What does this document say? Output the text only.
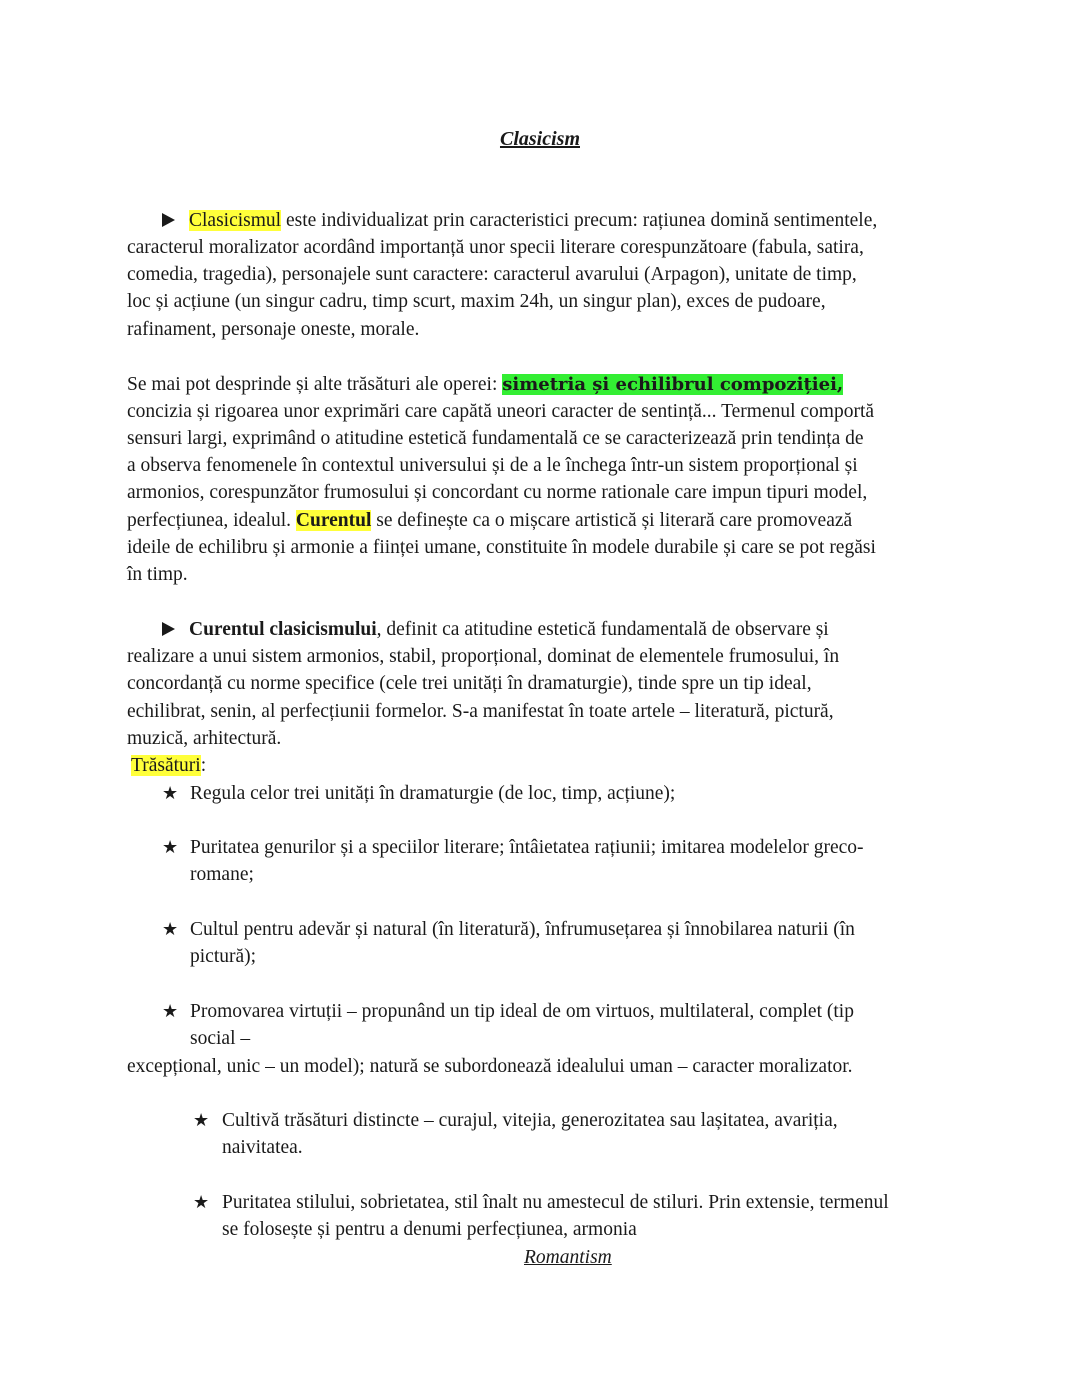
Clasicism
Clasicismul este individualizat prin caracteristici precum: rațiunea domină sentimentele,
caracterul moralizator acordând importanță unor specii literare corespunzătoare (fabula, satira,
comedia, tragedia), personajele sunt caractere: caracterul avarului (Arpagon), unitate de timp,
loc și acțiune (un singur cadru, timp scurt, maxim 24h, un singur plan), exces de pudoare,
rafinament, personaje oneste, morale.
Se mai pot desprinde și alte trăsături ale operei: simetria și echilibrul compoziției,
concizia și rigoarea unor exprimări care capătă uneori caracter de sentință... Termenul comportă
sensuri largi, exprimând o atitudine estetică fundamentală ce se caracterizează prin tendința de
a observa fenomenele în contextul universului și de a le închega într-un sistem proporțional și
armonios, corespunzător frumosului și concordant cu norme rationale care impun tipuri model,
perfecțiunea, idealul. Curentul se definește ca o mișcare artistică și literară care promovează
ideile de echilibru și armonie a ființei umane, constituite în modele durabile și care se pot regăsi
în timp.
Curentul clasicismului, definit ca atitudine estetică fundamentală de observare și
realizare a unui sistem armonios, stabil, proporțional, dominat de elementele frumosului, în
concordanță cu norme specifice (cele trei unități în dramaturgie), tinde spre un tip ideal,
echilibrat, senin, al perfecțiunii formelor. S-a manifestat în toate artele – literatură, pictură,
muzică, arhitectură.
Trăsături:
★ Regula celor trei unități în dramaturgie (de loc, timp, acțiune);
★ Puritatea genurilor și a speciilor literare; întâietatea rațiunii; imitarea modelelor greco-
romane;
★ Cultul pentru adevăr și natural (în literatură), înfrumusețarea și înnobilarea naturii (în
pictură);
★ Promovarea virtuții – propunând un tip ideal de om virtuos, multilateral, complet (tip
social –
excepțional, unic – un model); natură se subordonează idealului uman – caracter moralizator.
★ Cultivă trăsături distincte – curajul, vitejia, generozitatea sau lașitatea, avariția,
naivitatea.
★ Puritatea stilului, sobrietatea, stil înalt nu amestecul de stiluri. Prin extensie, termenul
se folosește și pentru a denumi perfecțiunea, armonia
Romantism
